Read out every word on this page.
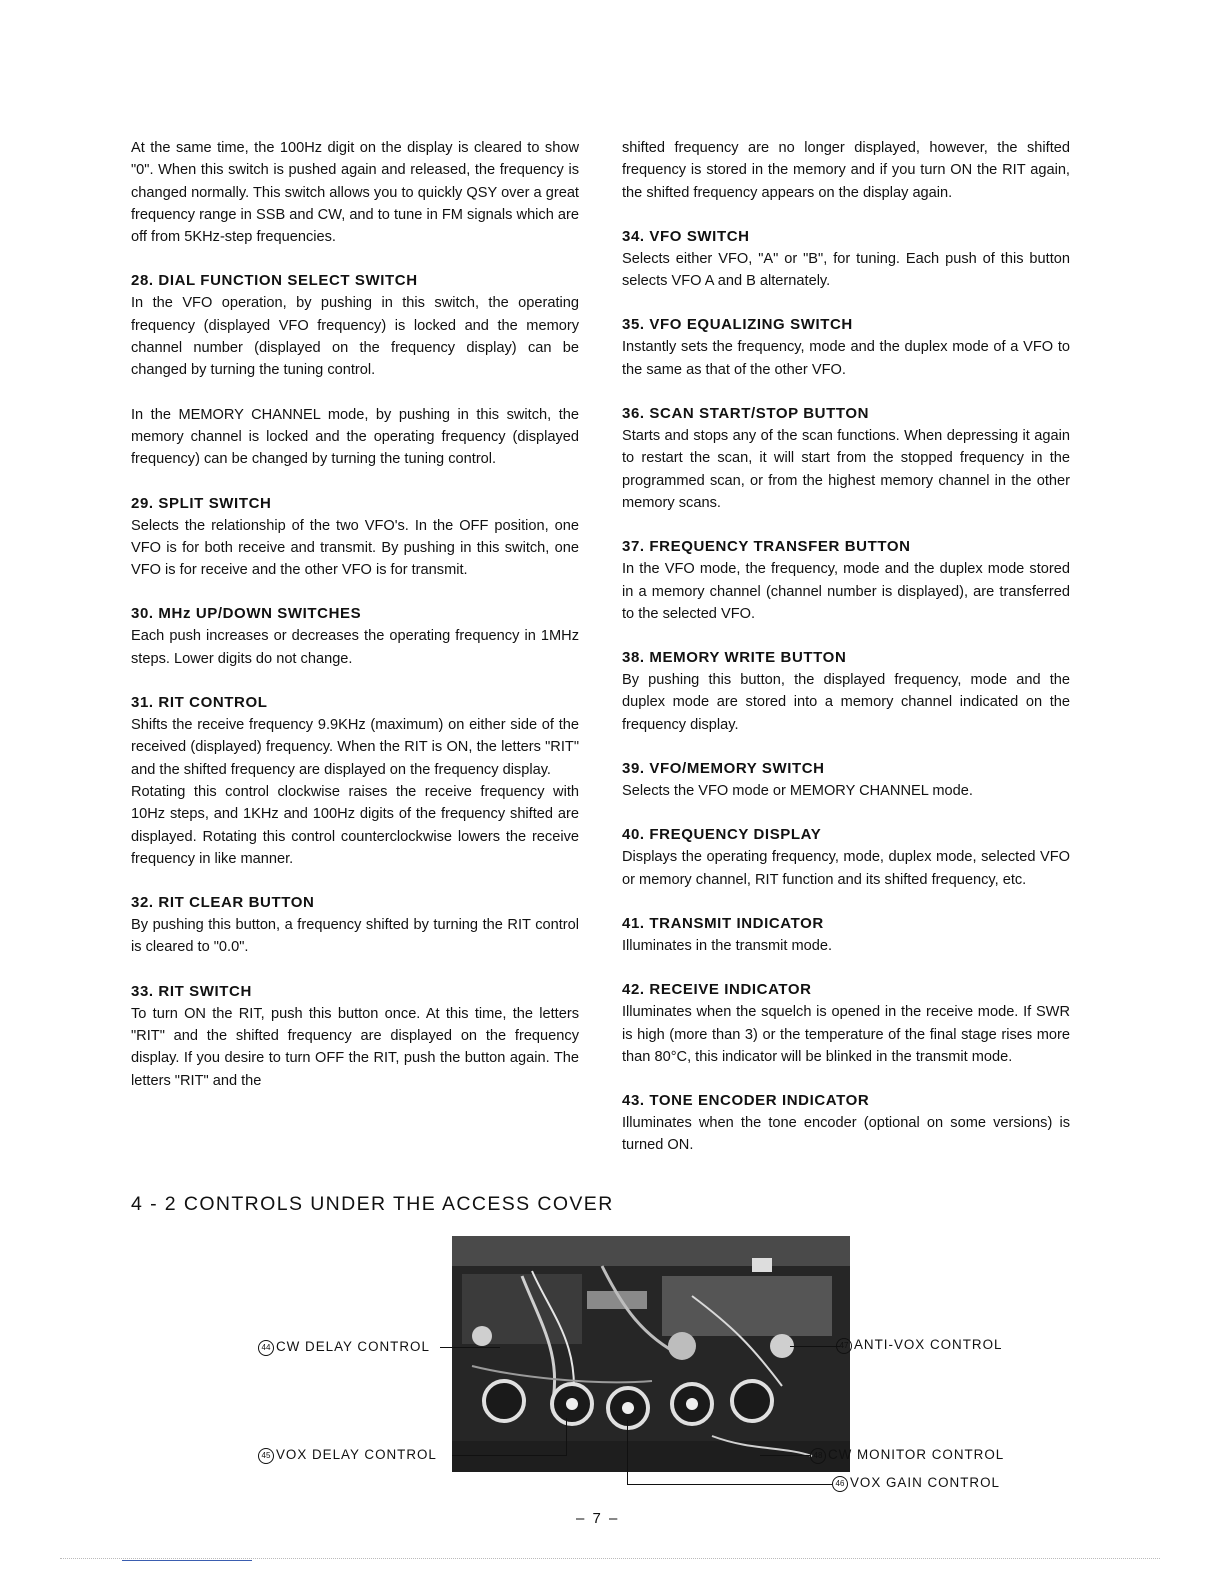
At the same time, the 100Hz digit on the display is cleared to show "0". When this switch is pushed again and released, the frequency is changed normally. This switch allows you to quickly QSY over a great frequency range in SSB and CW, and to tune in FM signals which are off from 5KHz-step frequencies.

28. DIAL FUNCTION SELECT SWITCH

In the VFO operation, by pushing in this switch, the operating frequency (displayed VFO frequency) is locked and the memory channel number (displayed on the frequency display) can be changed by turning the tuning control.

In the MEMORY CHANNEL mode, by pushing in this switch, the memory channel is locked and the operating frequency (displayed frequency) can be changed by turning the tuning control.

29. SPLIT SWITCH

Selects the relationship of the two VFO's. In the OFF position, one VFO is for both receive and transmit. By pushing in this switch, one VFO is for receive and the other VFO is for transmit.

30. MHz UP/DOWN SWITCHES

Each push increases or decreases the operating frequency in 1MHz steps. Lower digits do not change.

31. RIT CONTROL

Shifts the receive frequency 9.9KHz (maximum) on either side of the received (displayed) frequency. When the RIT is ON, the letters "RIT" and the shifted frequency are displayed on the frequency display.

Rotating this control clockwise raises the receive frequency with 10Hz steps, and 1KHz and 100Hz digits of the frequency shifted are displayed. Rotating this control counterclockwise lowers the receive frequency in like manner.

32. RIT CLEAR BUTTON

By pushing this button, a frequency shifted by turning the RIT control is cleared to "0.0".

33. RIT SWITCH

To turn ON the RIT, push this button once. At this time, the letters "RIT" and the shifted frequency are displayed on the frequency display. If you desire to turn OFF the RIT, push the button again. The letters "RIT" and the

shifted frequency are no longer displayed, however, the shifted frequency is stored in the memory and if you turn ON the RIT again, the shifted frequency appears on the display again.

34. VFO SWITCH

Selects either VFO, "A" or "B", for tuning. Each push of this button selects VFO A and B alternately.

35. VFO EQUALIZING SWITCH

Instantly sets the frequency, mode and the duplex mode of a VFO to the same as that of the other VFO.

36. SCAN START/STOP BUTTON

Starts and stops any of the scan functions. When depressing it again to restart the scan, it will start from the stopped frequency in the programmed scan, or from the highest memory channel in the other memory scans.

37. FREQUENCY TRANSFER BUTTON

In the VFO mode, the frequency, mode and the duplex mode stored in a memory channel (channel number is displayed), are transferred to the selected VFO.

38. MEMORY WRITE BUTTON

By pushing this button, the displayed frequency, mode and the duplex mode are stored into a memory channel indicated on the frequency display.

39. VFO/MEMORY SWITCH

Selects the VFO mode or MEMORY CHANNEL mode.

40. FREQUENCY DISPLAY

Displays the operating frequency, mode, duplex mode, selected VFO or memory channel, RIT function and its shifted frequency, etc.

41. TRANSMIT INDICATOR

Illuminates in the transmit mode.

42. RECEIVE INDICATOR

Illuminates when the squelch is opened in the receive mode. If SWR is high (more than 3) or the temperature of the final stage rises more than 80°C, this indicator will be blinked in the transmit mode.

43. TONE ENCODER INDICATOR

Illuminates when the tone encoder (optional on some versions) is turned ON.

4 - 2 CONTROLS UNDER THE ACCESS COVER
44 CW DELAY CONTROL
45 VOX DELAY CONTROL
47 ANTI-VOX CONTROL
48 CW MONITOR CONTROL
46 VOX GAIN CONTROL
– 7 –
